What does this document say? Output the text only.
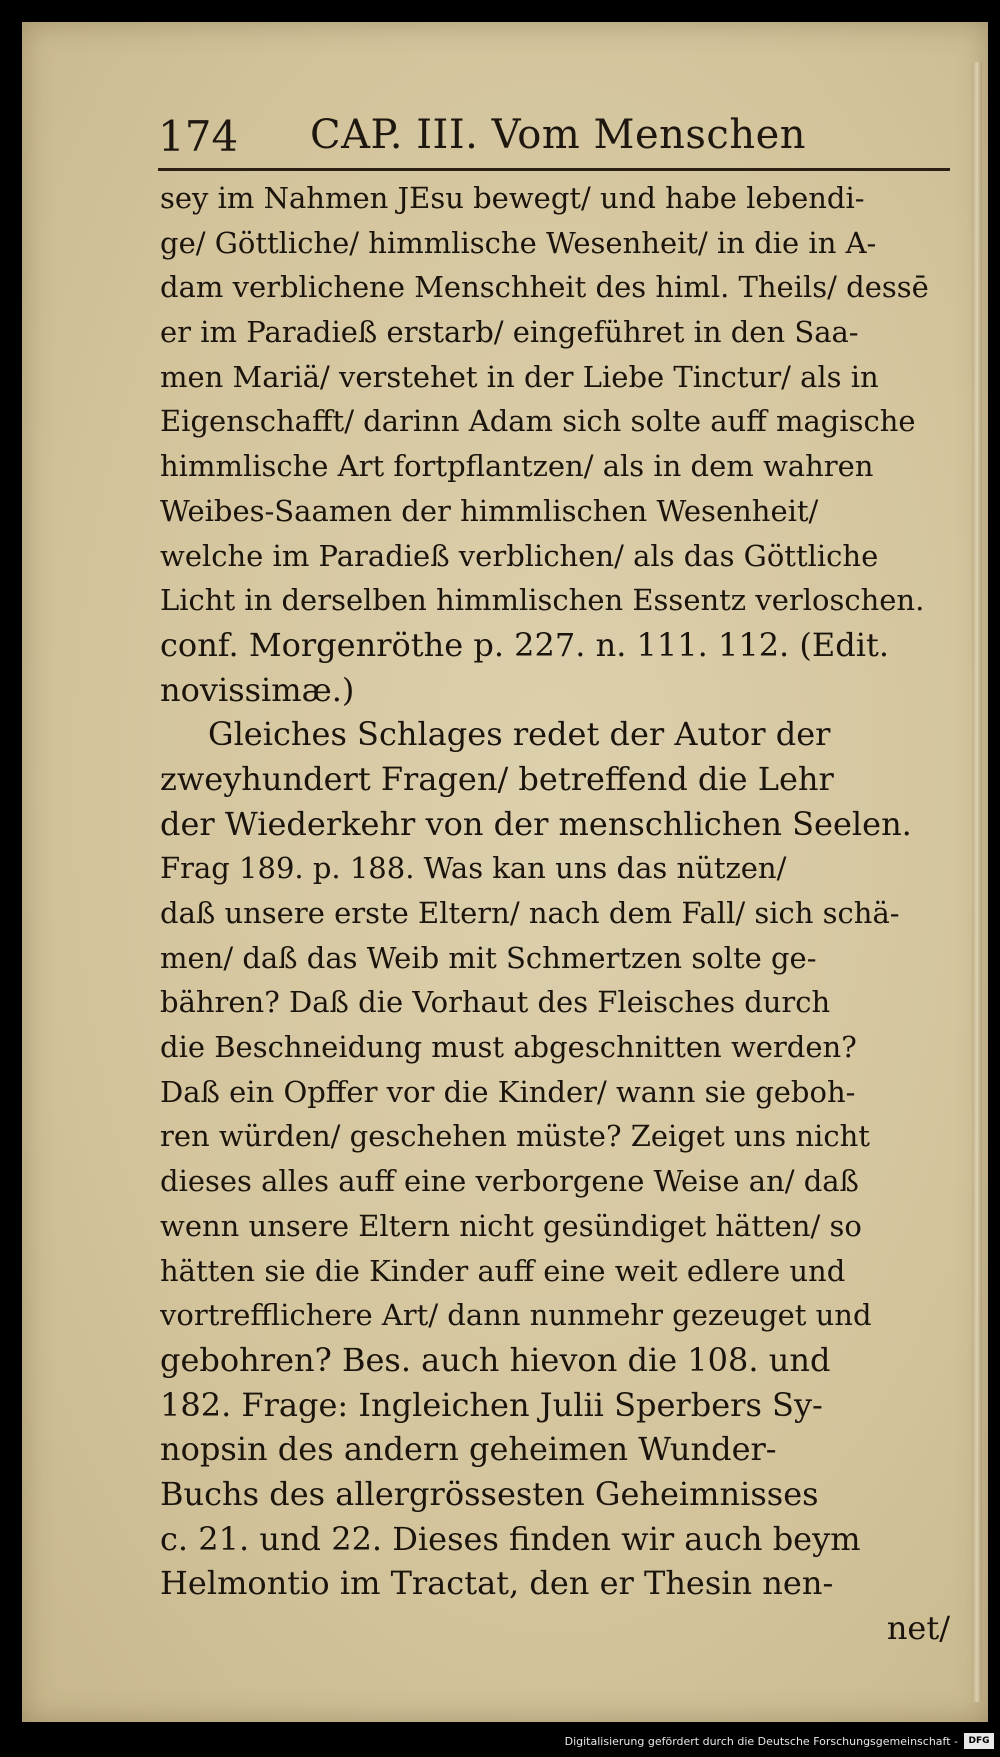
174 CAP. III. Vom Menschen
sey im Nahmen JEsu bewegt/ und habe lebendi-
ge/ Göttliche/ himmlische Wesenheit/ in die in A-
dam verblichene Menschheit des himl. Theils/ dessē
er im Paradieß erstarb/ eingeführet in den Saa-
men Mariä/ verstehet in der Liebe Tinctur/ als in
Eigenschafft/ darinn Adam sich solte auff magische
himmlische Art fortpflantzen/ als in dem wahren
Weibes-Saamen der himmlischen Wesenheit/
welche im Paradieß verblichen/ als das Göttliche
Licht in derselben himmlischen Essentz verloschen.
conf. Morgenröthe p. 227. n. 111. 112. (Edit.
novissimæ.)
Gleiches Schlages redet der Autor der
zweyhundert Fragen/ betreffend die Lehr
der Wiederkehr von der menschlichen Seelen.
Frag 189. p. 188. Was kan uns das nützen/
daß unsere erste Eltern/ nach dem Fall/ sich schä-
men/ daß das Weib mit Schmertzen solte ge-
bähren? Daß die Vorhaut des Fleisches durch
die Beschneidung must abgeschnitten werden?
Daß ein Opffer vor die Kinder/ wann sie geboh-
ren würden/ geschehen müste? Zeiget uns nicht
dieses alles auff eine verborgene Weise an/ daß
wenn unsere Eltern nicht gesündiget hätten/ so
hätten sie die Kinder auff eine weit edlere und
vortrefflichere Art/ dann nunmehr gezeuget und
gebohren? Bes. auch hievon die 108. und
182. Frage: Ingleichen Julii Sperbers Sy-
nopsin des andern geheimen Wunder-
Buchs des allergrössesten Geheimnisses
c. 21. und 22. Dieses finden wir auch beym
Helmontio im Tractat, den er Thesin nen-
net/
Digitalisierung gefördert durch die Deutsche Forschungsgemeinschaft -	DFG
